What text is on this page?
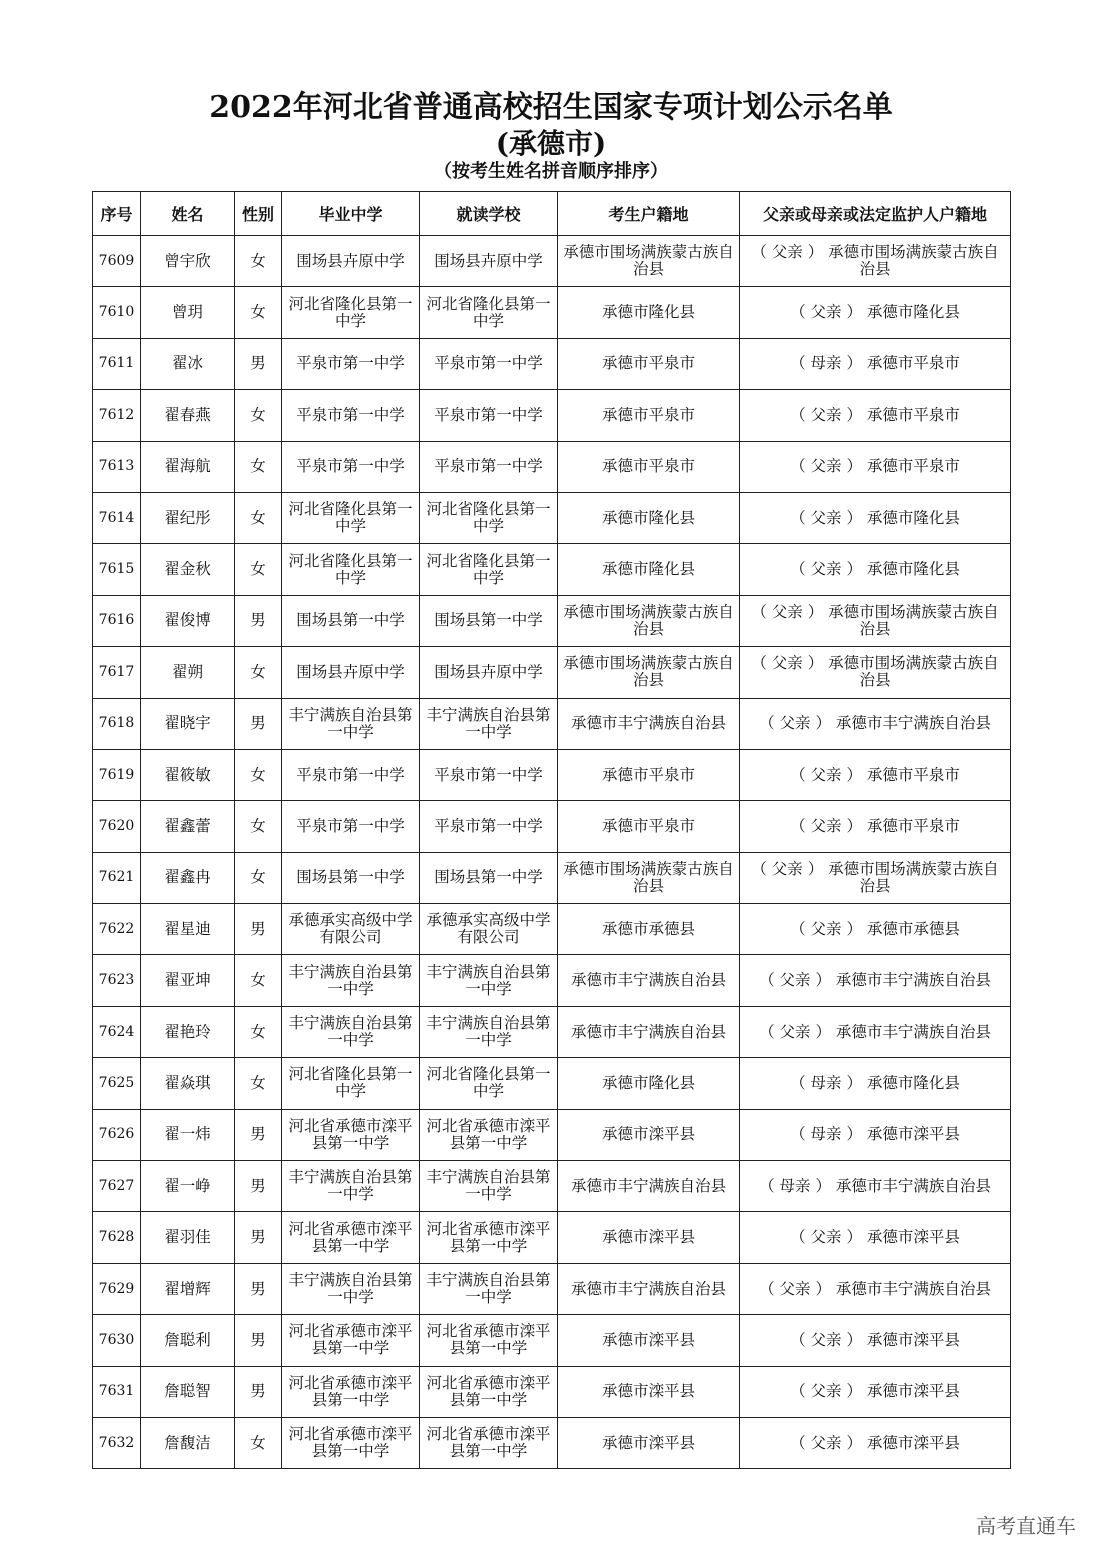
2022年河北省普通高校招生国家专项计划公示名单
(承德市)
（按考生姓名拼音顺序排序）
序号	姓名	性别	毕业中学	就读学校	考生户籍地	父亲或母亲或法定监护人户籍地
7609	曾宇欣	女	围场县卉原中学	围场县卉原中学	承德市围场满族蒙古族自治县	（ 父亲 ） 承德市围场满族蒙古族自治县
7610	曾玥	女	河北省隆化县第一中学	河北省隆化县第一中学	承德市隆化县	（ 父亲 ） 承德市隆化县
7611	翟冰	男	平泉市第一中学	平泉市第一中学	承德市平泉市	（ 母亲 ） 承德市平泉市
7612	翟春燕	女	平泉市第一中学	平泉市第一中学	承德市平泉市	（ 父亲 ） 承德市平泉市
7613	翟海航	女	平泉市第一中学	平泉市第一中学	承德市平泉市	（ 父亲 ） 承德市平泉市
7614	翟纪彤	女	河北省隆化县第一中学	河北省隆化县第一中学	承德市隆化县	（ 父亲 ） 承德市隆化县
7615	翟金秋	女	河北省隆化县第一中学	河北省隆化县第一中学	承德市隆化县	（ 父亲 ） 承德市隆化县
7616	翟俊博	男	围场县第一中学	围场县第一中学	承德市围场满族蒙古族自治县	（ 父亲 ） 承德市围场满族蒙古族自治县
7617	翟朔	女	围场县卉原中学	围场县卉原中学	承德市围场满族蒙古族自治县	（ 父亲 ） 承德市围场满族蒙古族自治县
7618	翟晓宇	男	丰宁满族自治县第一中学	丰宁满族自治县第一中学	承德市丰宁满族自治县	（ 父亲 ） 承德市丰宁满族自治县
7619	翟筱敏	女	平泉市第一中学	平泉市第一中学	承德市平泉市	（ 父亲 ） 承德市平泉市
7620	翟鑫蕾	女	平泉市第一中学	平泉市第一中学	承德市平泉市	（ 父亲 ） 承德市平泉市
7621	翟鑫冉	女	围场县第一中学	围场县第一中学	承德市围场满族蒙古族自治县	（ 父亲 ） 承德市围场满族蒙古族自治县
7622	翟星迪	男	承德承实高级中学有限公司	承德承实高级中学有限公司	承德市承德县	（ 父亲 ） 承德市承德县
7623	翟亚坤	女	丰宁满族自治县第一中学	丰宁满族自治县第一中学	承德市丰宁满族自治县	（ 父亲 ） 承德市丰宁满族自治县
7624	翟艳玲	女	丰宁满族自治县第一中学	丰宁满族自治县第一中学	承德市丰宁满族自治县	（ 父亲 ） 承德市丰宁满族自治县
7625	翟焱琪	女	河北省隆化县第一中学	河北省隆化县第一中学	承德市隆化县	（ 母亲 ） 承德市隆化县
7626	翟一炜	男	河北省承德市滦平县第一中学	河北省承德市滦平县第一中学	承德市滦平县	（ 母亲 ） 承德市滦平县
7627	翟一峥	男	丰宁满族自治县第一中学	丰宁满族自治县第一中学	承德市丰宁满族自治县	（ 母亲 ） 承德市丰宁满族自治县
7628	翟羽佳	男	河北省承德市滦平县第一中学	河北省承德市滦平县第一中学	承德市滦平县	（ 父亲 ） 承德市滦平县
7629	翟增辉	男	丰宁满族自治县第一中学	丰宁满族自治县第一中学	承德市丰宁满族自治县	（ 父亲 ） 承德市丰宁满族自治县
7630	詹聪利	男	河北省承德市滦平县第一中学	河北省承德市滦平县第一中学	承德市滦平县	（ 父亲 ） 承德市滦平县
7631	詹聪智	男	河北省承德市滦平县第一中学	河北省承德市滦平县第一中学	承德市滦平县	（ 父亲 ） 承德市滦平县
7632	詹馥洁	女	河北省承德市滦平县第一中学	河北省承德市滦平县第一中学	承德市滦平县	（ 父亲 ） 承德市滦平县
高考直通车
